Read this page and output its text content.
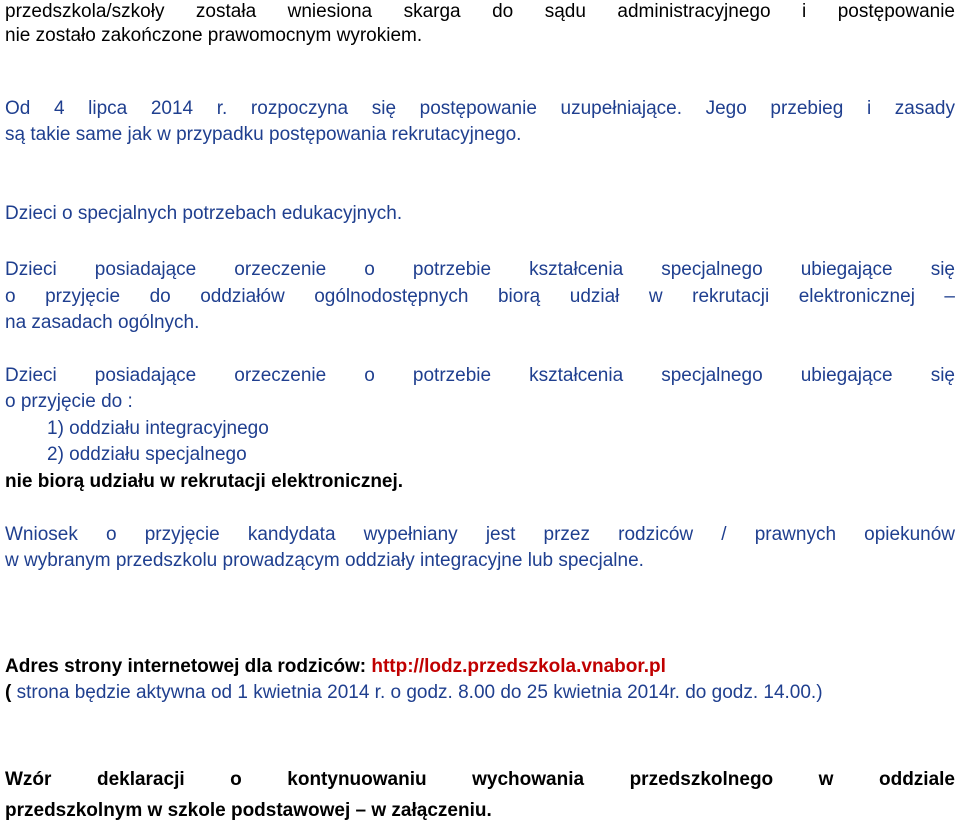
przedszkola/szkoły została wniesiona skarga do sądu administracyjnego i postępowanie
nie zostało zakończone prawomocnym wyrokiem.
Od 4 lipca 2014 r. rozpoczyna się postępowanie uzupełniające. Jego przebieg i zasady
są takie same jak w przypadku postępowania rekrutacyjnego.
Dzieci o specjalnych potrzebach edukacyjnych.
Dzieci posiadające orzeczenie o potrzebie kształcenia specjalnego ubiegające się
o przyjęcie do oddziałów ogólnodostępnych biorą udział w rekrutacji elektronicznej –
na zasadach ogólnych.
Dzieci posiadające orzeczenie o potrzebie kształcenia specjalnego ubiegające się
o przyjęcie do :
1) oddziału integracyjnego
2) oddziału specjalnego
nie biorą udziału w rekrutacji elektronicznej.
Wniosek o przyjęcie kandydata wypełniany jest przez rodziców / prawnych opiekunów
w wybranym przedszkolu prowadzącym oddziały integracyjne lub specjalne.
Adres strony internetowej dla rodziców: http://lodz.przedszkola.vnabor.pl
( strona będzie aktywna od 1 kwietnia 2014 r. o godz. 8.00 do 25 kwietnia 2014r. do godz. 14.00.)
Wzór deklaracji o kontynuowaniu wychowania przedszkolnego w oddziale
przedszkolnym w szkole podstawowej – w załączeniu.
